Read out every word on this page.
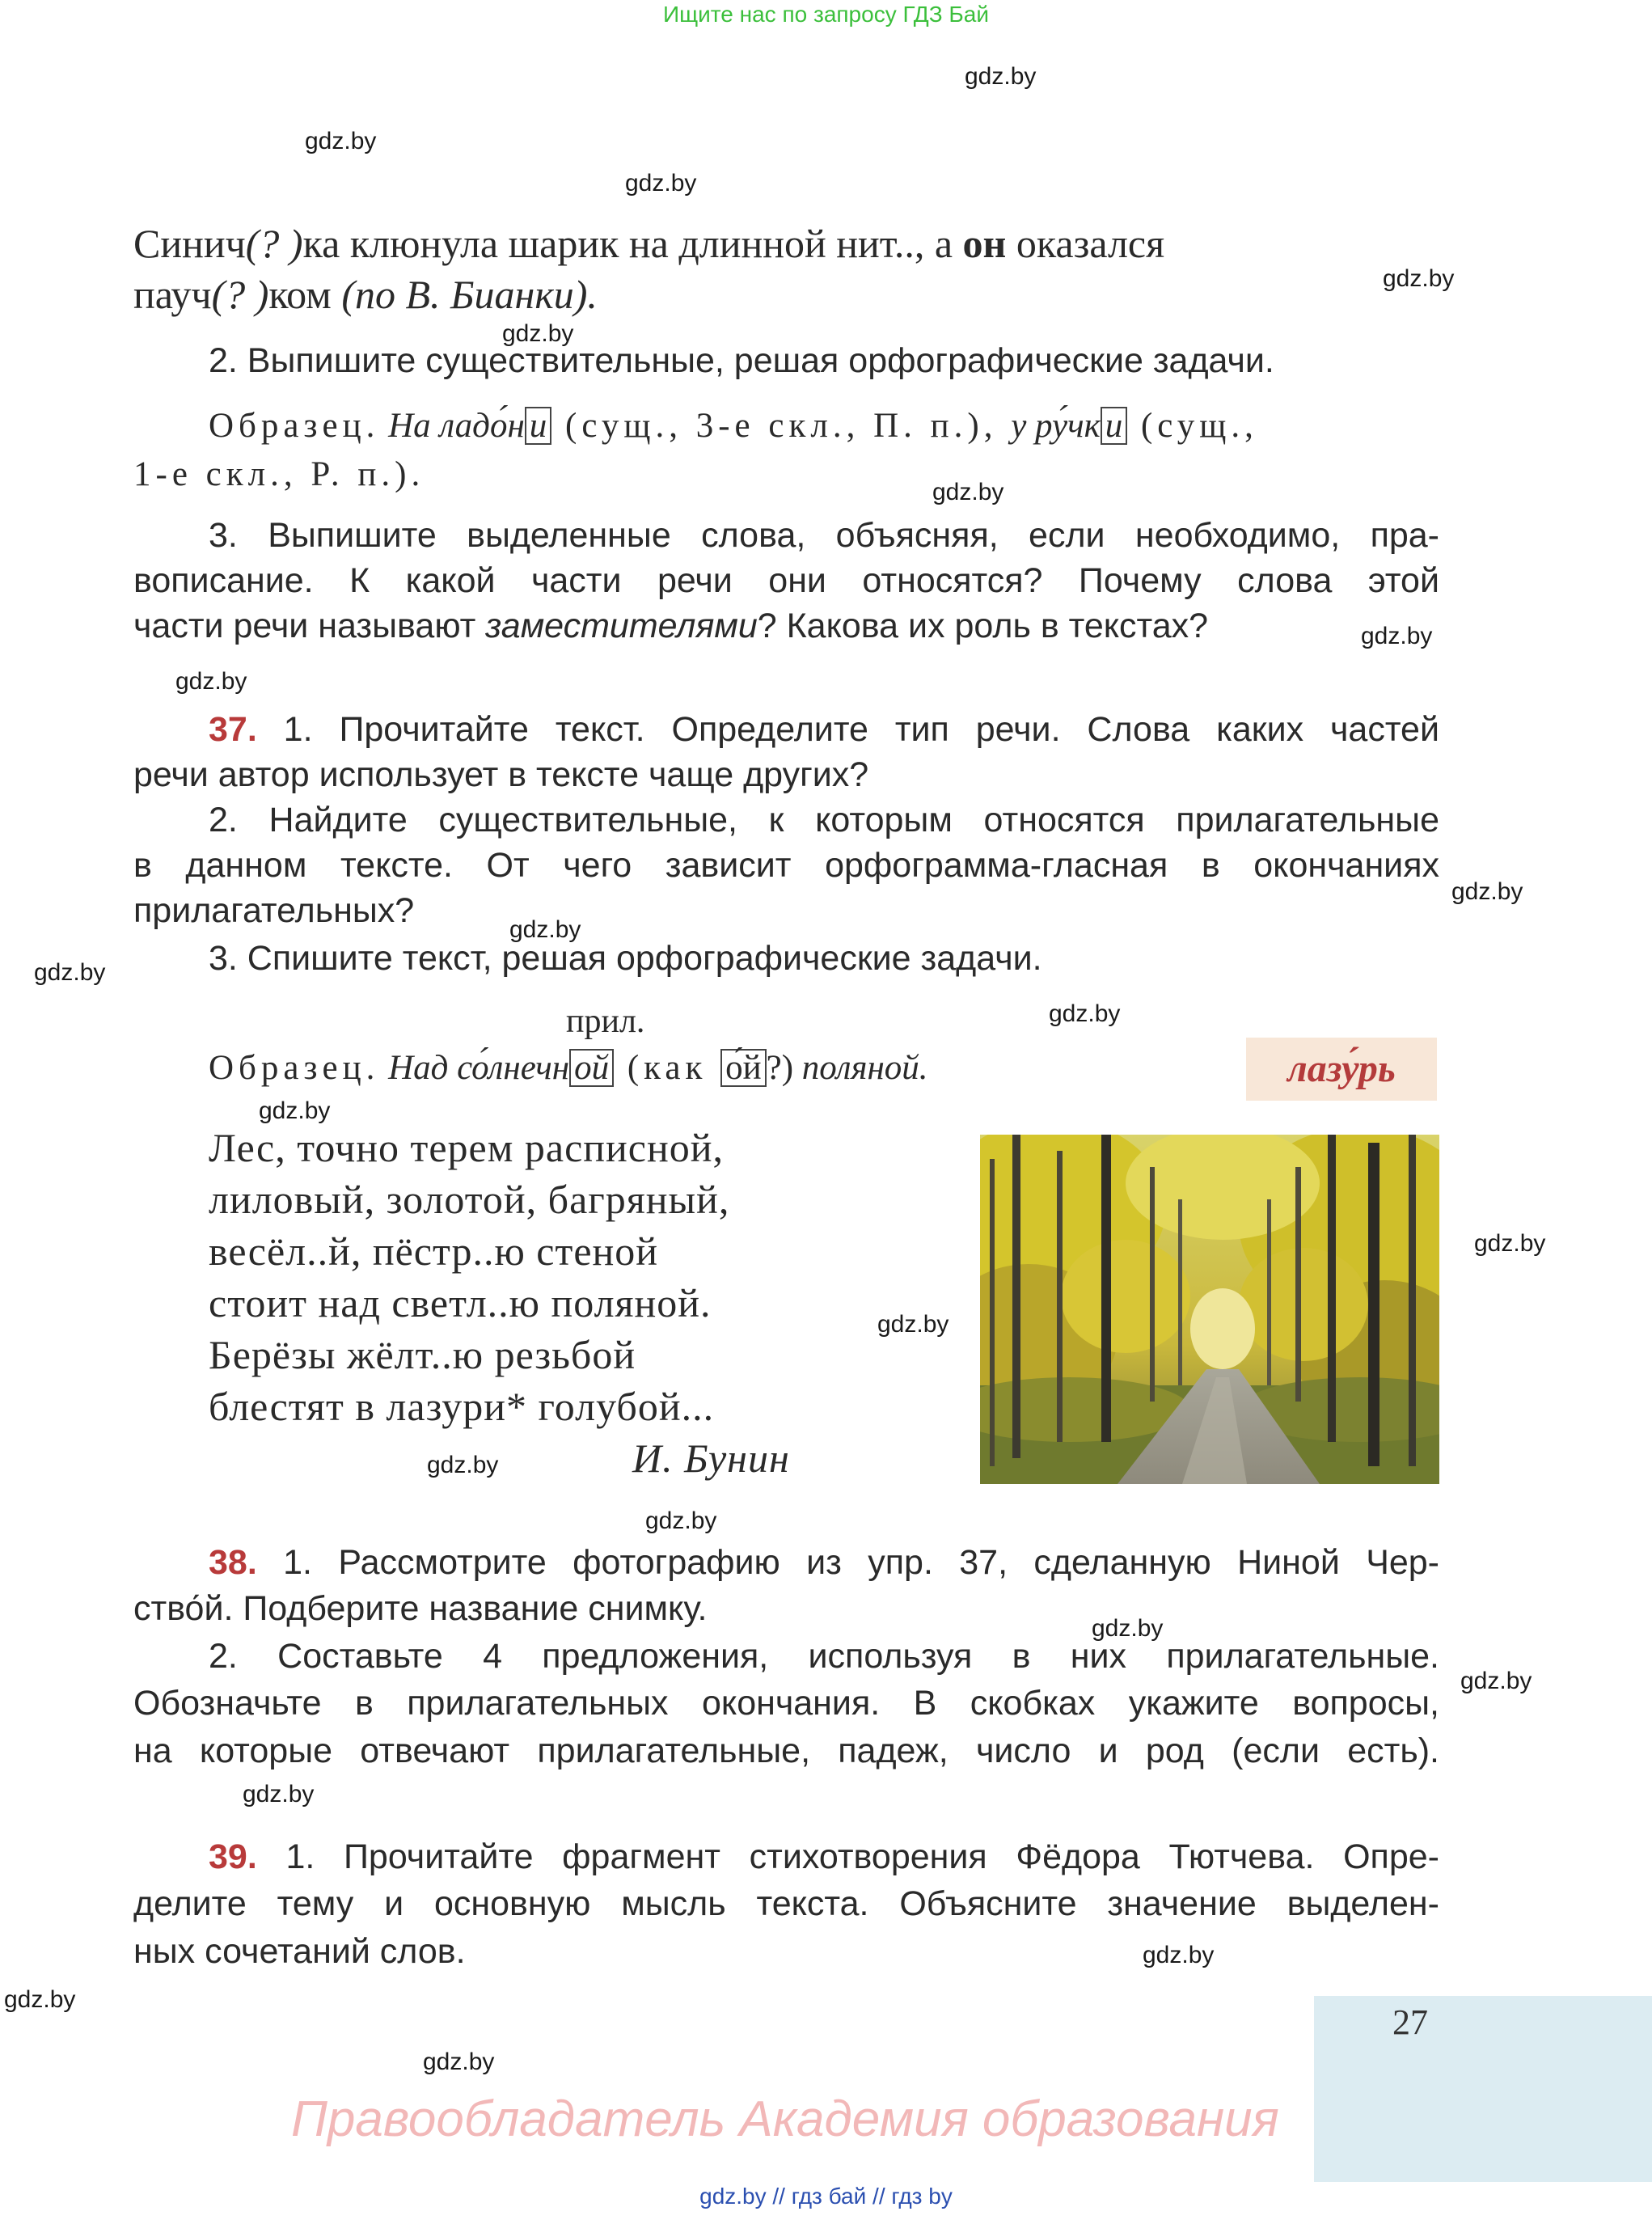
Ищите нас по запросу ГДЗ Бай
gdz.by
gdz.by
gdz.by
gdz.by
gdz.by
gdz.by
gdz.by
gdz.by
gdz.by
gdz.by
gdz.by
gdz.by
gdz.by
gdz.by
gdz.by
gdz.by
gdz.by
gdz.by
gdz.by
gdz.by
gdz.by
gdz.by
gdz.by
Синич(? )ка клюнула шарик на длинной нит.., а он оказался
пауч(? )ком (по В. Бианки).
2. Выпишите существительные, решая орфографические задачи.
Образец. На ладо́н и (сущ., 3-е скл., П. п.), у ру́чк и (сущ.,
1-е скл., Р. п.).
3. Выпишите выделенные слова, объясняя, если необходимо, пра-
вописание. К какой части речи они относятся? Почему слова этой
части речи называют заместителями? Какова их роль в текстах?
37. 1. Прочитайте текст. Определите тип речи. Слова каких частей
речи автор использует в тексте чаще других?
2. Найдите существительные, к которым относятся прилагательные
в данном тексте. От чего зависит орфограмма-гласная в окончаниях
прилагательных?
3. Спишите текст, решая орфографические задачи.
прил.
Образец. Над со́лнечн ой (как о́й ?) поляной.	лазу́рь
Лес, точно терем расписной,
лиловый, золотой, багряный,
весёл..й, пёстр..ю стеной
стоит над светл..ю поляной.
Берёзы жёлт..ю резьбой
блестят в лазури* голубой...
И. Бунин
38. 1. Рассмотрите фотографию из упр. 37, сделанную Ниной Чер-
ство́й. Подберите название снимку.
2. Составьте 4 предложения, используя в них прилагательные.
Обозначьте в прилагательных окончания. В скобках укажите вопросы,
на которые отвечают прилагательные, падеж, число и род (если есть).
39. 1. Прочитайте фрагмент стихотворения Фёдора Тютчева. Опре-
делите тему и основную мысль текста. Объясните значение выделен-
ных сочетаний слов.
27
Правообладатель Академия образования
gdz.by // гдз бай // гдз by
